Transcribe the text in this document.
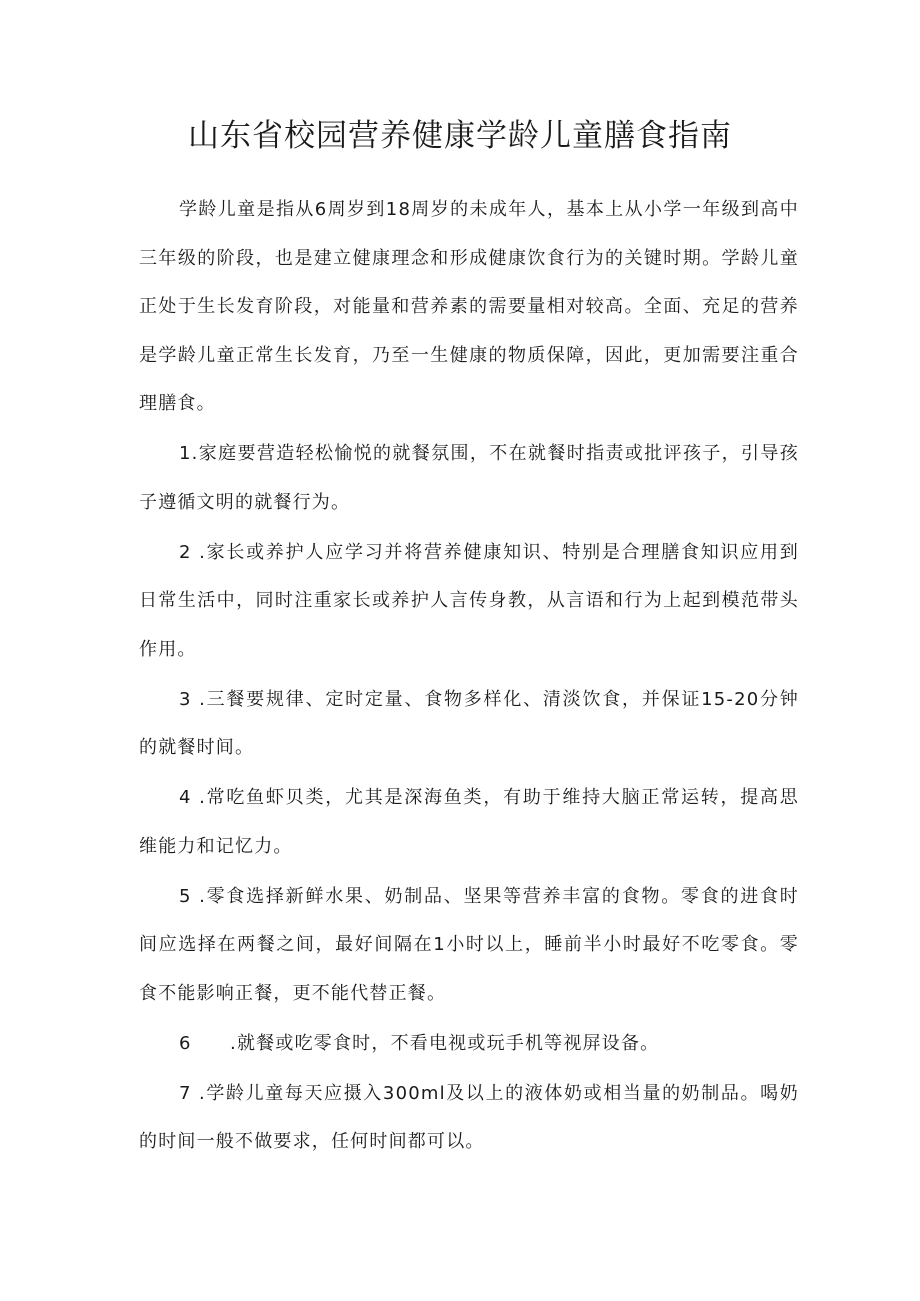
山东省校园营养健康学龄儿童膳食指南

学龄儿童是指从6周岁到18周岁的未成年人，基本上从小学一年级到高中三年级的阶段，也是建立健康理念和形成健康饮食行为的关键时期。学龄儿童正处于生长发育阶段，对能量和营养素的需要量相对较高。全面、充足的营养是学龄儿童正常生长发育，乃至一生健康的物质保障，因此，更加需要注重合理膳食。

1.家庭要营造轻松愉悦的就餐氛围，不在就餐时指责或批评孩子，引导孩子遵循文明的就餐行为。

2 .家长或养护人应学习并将营养健康知识、特别是合理膳食知识应用到日常生活中，同时注重家长或养护人言传身教，从言语和行为上起到模范带头作用。

3 .三餐要规律、定时定量、食物多样化、清淡饮食，并保证15-20分钟的就餐时间。

4 .常吃鱼虾贝类，尤其是深海鱼类，有助于维持大脑正常运转，提高思维能力和记忆力。

5 .零食选择新鲜水果、奶制品、坚果等营养丰富的食物。零食的进食时间应选择在两餐之间，最好间隔在1小时以上，睡前半小时最好不吃零食。零食不能影响正餐，更不能代替正餐。

6　　.就餐或吃零食时，不看电视或玩手机等视屏设备。

7 .学龄儿童每天应摄入300ml及以上的液体奶或相当量的奶制品。喝奶的时间一般不做要求，任何时间都可以。
